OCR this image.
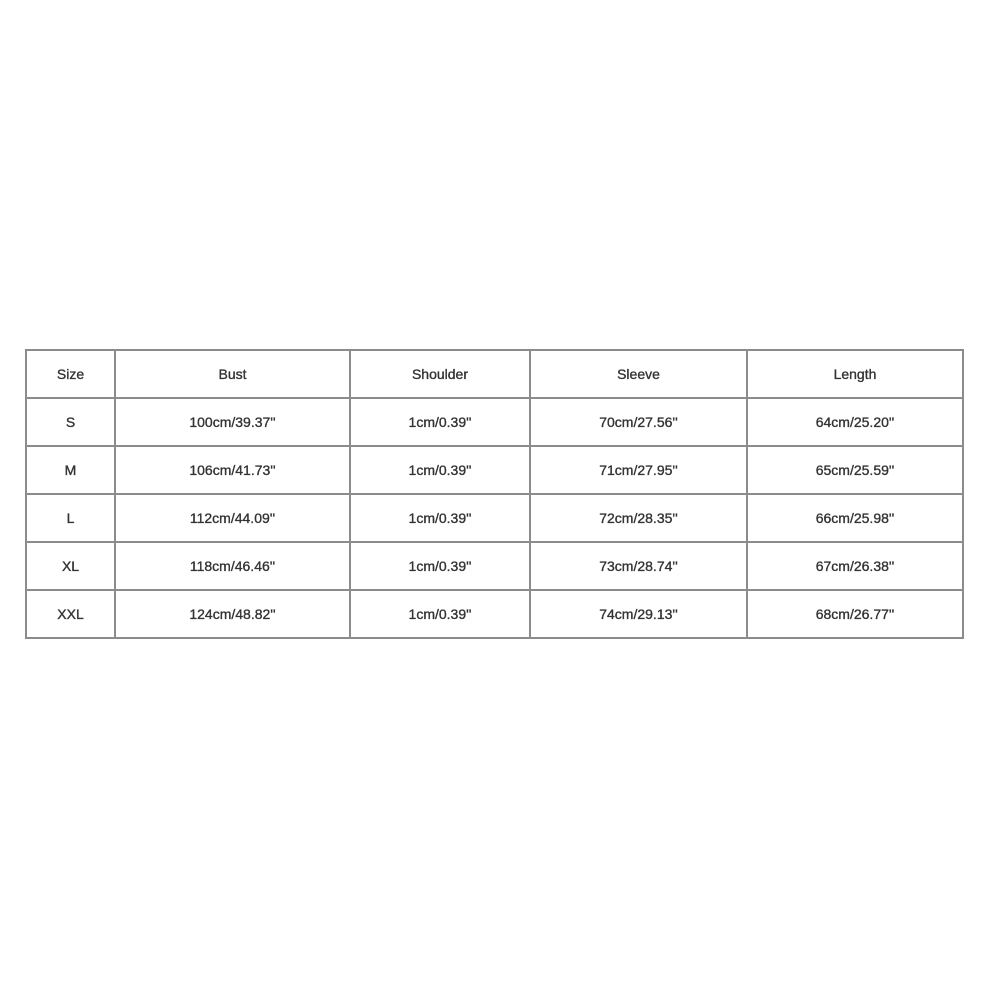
Size	Bust	Shoulder	Sleeve	Length
S	100cm/39.37''	1cm/0.39''	70cm/27.56''	64cm/25.20''
M	106cm/41.73''	1cm/0.39''	71cm/27.95''	65cm/25.59''
L	112cm/44.09''	1cm/0.39''	72cm/28.35''	66cm/25.98''
XL	118cm/46.46''	1cm/0.39''	73cm/28.74''	67cm/26.38''
XXL	124cm/48.82''	1cm/0.39''	74cm/29.13''	68cm/26.77''
